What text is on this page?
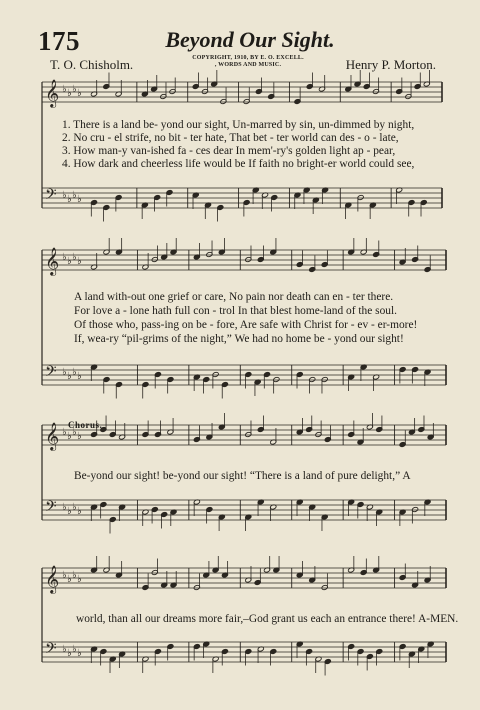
175	Beyond Our Sight.
T. O. Chisholm.	COPYRIGHT, 1910, BY E. O. EXCELL.
, WORDS AND MUSIC.	Henry P. Morton.
𝄞 ♭ ♭ ♭ ♭
𝄢 ♭ ♭ ♭ ♭
𝄞 ♭ ♭ ♭ ♭
𝄢 ♭ ♭ ♭ ♭
𝄞 ♭ ♭ ♭ ♭
𝄢 ♭ ♭ ♭ ♭
𝄞 ♭ ♭ ♭ ♭
𝄢 ♭ ♭ ♭ ♭
1. There is a land be- yond our sight, Un-marred by sin, un-dimmed by night,
2. No cru - el strife, no bit - ter hate, That bet - ter world can des - o - late,
3. How man-y van-ished fa - ces dear In mem'-ry's golden light ap - pear,
4. How dark and cheerless life would be If faith no bright-er world could see,
A land with-out one grief or care, No pain nor death can en - ter there.
For love a - lone hath full con - trol In that blest home-land of the soul.
Of those who, pass-ing on be - fore, Are safe with Christ for - ev - er-more!
If, wea-ry “pil-grims of the night,” We had no home be - yond our sight!
Chorus.
Be-yond our sight! be-yond our sight! “There is a land of pure delight,” A
world, than all our dreams more fair,–God grant us each an entrance there! A-MEN.
